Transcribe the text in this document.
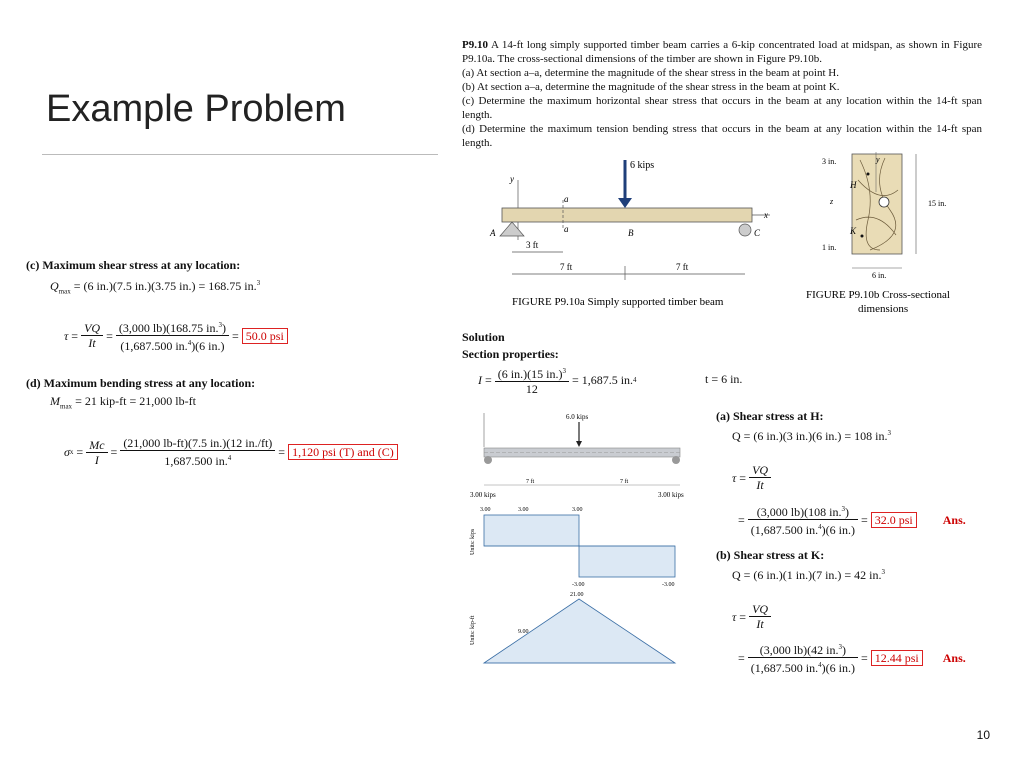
Example Problem
P9.10 A 14-ft long simply supported timber beam carries a 6-kip concentrated load at midspan, as shown in Figure P9.10a. The cross-sectional dimensions of the timber are shown in Figure P9.10b.
(a) At section a–a, determine the magnitude of the shear stress in the beam at point H.
(b) At section a–a, determine the magnitude of the shear stress in the beam at point K.
(c) Determine the maximum horizontal shear stress that occurs in the beam at any location within the 14-ft span length.
(d) Determine the maximum tension bending stress that occurs in the beam at any location within the 14-ft span length.
y
x
6 kips
a
a
A	B	C
3 ft
7 ft	7 ft
FIGURE P9.10a Simply supported timber beam
y
z
H
K
3 in.
15 in.
1 in.
6 in.
FIGURE P9.10b Cross-sectional
dimensions
Solution
Section properties:
$I = \frac{(6 in.)(15 in.)^3}{12}$
= 1,687.5 in. 4	t = 6 in.
6.0 kips
7 ft	7 ft
3.00 kips	3.00 kips
3.00	3.00	3.00
-3.00	-3.00
Units: kips
21.00
9.00
Units: kip-ft
(a) Shear stress at H:
Q = (6 in.)(3 in.)(6 in.) = 108 in.$^3$
$\tau = \frac{VQ}{It}$
= $\frac{(3,000 lb)(108 in.^3)}{(1,687.500 in.^4)(6 in.)} = 32.0$ psi	Ans.
(b) Shear stress at K:
Q = (6 in.)(1 in.)(7 in.) = 42 in.$^3$
$\tau = \frac{VQ}{It}$
= $\frac{(3,000 lb)(42 in.^3)}{(1,687.500 in.^4)(6 in.)} = 12.44$ psi	Ans.
(c) Maximum shear stress at any location:
$Q_{max} = (6$ in.)(7.5 in.)(3.75 in.) = 168.75 in.$^3$
$\tau = \frac{VQ}{It} = \frac{(3,000 lb)(168.75 in.^3)}{(1,687.500 in.^4)(6 in.)} = 50.0$ psi
(d) Maximum bending stress at any location:
$M_{max} = 21$ kip-ft = 21,000 lb-ft
σ $x = \frac{Mc}{I} = \frac{(21,000 lb-ft)(7.5 in.)(12 in./ft)}{1,687.500 in.^4} = 1,120$ psi (T) and (C)
10
